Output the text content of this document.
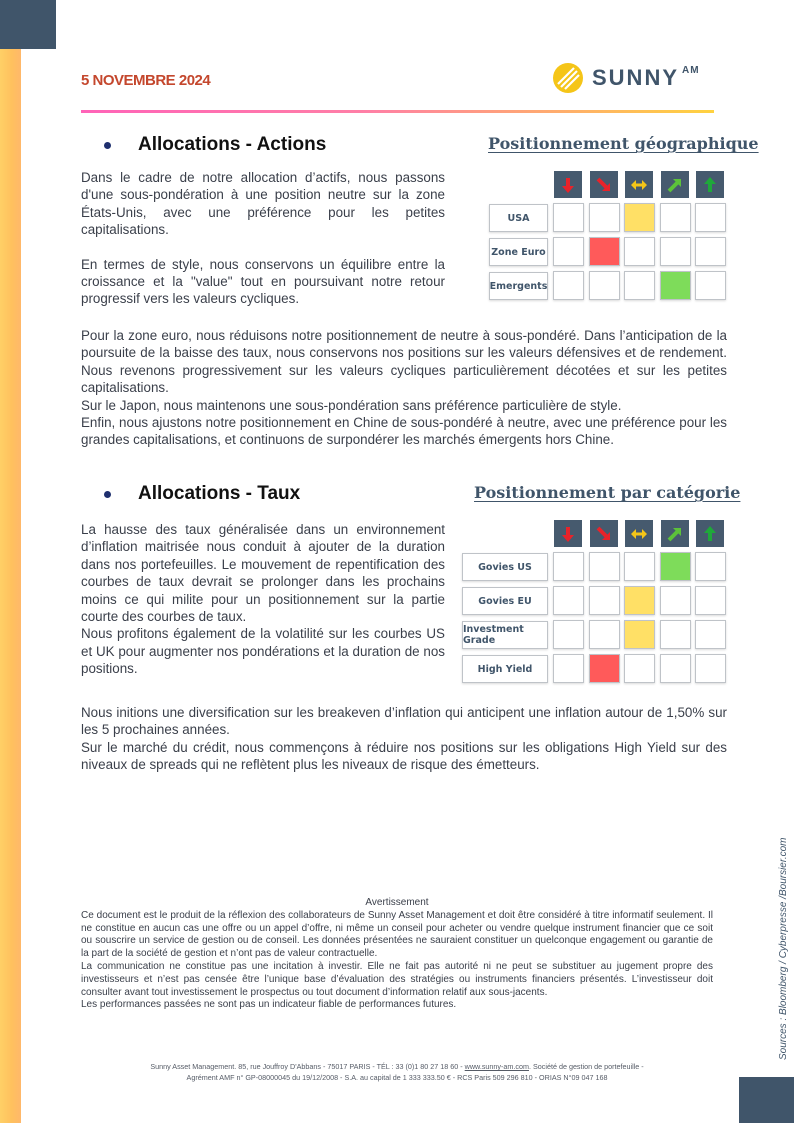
5 NOVEMBRE 2024	SUNNY AM
Allocations - Actions

Dans le cadre de notre allocation d’actifs, nous passons d'une sous-pondération à une position neutre sur la zone États-Unis, avec une préférence pour les petites capitalisations.

En termes de style, nous conservons un équilibre entre la croissance et la "value" tout en poursuivant notre retour progressif vers les valeurs cycliques.

Positionnement géographique
USA
Zone Euro
Emergents

Pour la zone euro, nous réduisons notre positionnement de neutre à sous-pondéré. Dans l’anticipation de la poursuite de la baisse des taux, nous conservons nos positions sur les valeurs défensives et de rendement. Nous revenons progressivement sur les valeurs cycliques particulièrement décotées et sur les petites capitalisations.

Sur le Japon, nous maintenons une sous-pondération sans préférence particulière de style.

Enfin, nous ajustons notre positionnement en Chine de sous-pondéré à neutre, avec une préférence pour les grandes capitalisations, et continuons de surpondérer les marchés émergents hors Chine.

Allocations - Taux

La hausse des taux généralisée dans un environnement d’inflation maitrisée nous conduit à ajouter de la duration dans nos portefeuilles. Le mouvement de repentification des courbes de taux devrait se prolonger dans les prochains moins ce qui milite pour un positionnement sur la partie courte des courbes de taux.

Nous profitons également de la volatilité sur les courbes US et UK pour augmenter nos pondérations et la duration de nos positions.

Positionnement par catégorie
Govies US
Govies EU
Investment Grade
High Yield

Nous initions une diversification sur les breakeven d’inflation qui anticipent une inflation autour de 1,50% sur les 5 prochaines années.

Sur le marché du crédit, nous commençons à réduire nos positions sur les obligations High Yield sur des niveaux de spreads qui ne reflètent plus les niveaux de risque des émetteurs.

Avertissement

Ce document est le produit de la réflexion des collaborateurs de Sunny Asset Management et doit être considéré à titre informatif seulement. Il ne constitue en aucun cas une offre ou un appel d’offre, ni même un conseil pour acheter ou vendre quelque instrument financier que ce soit ou souscrire un service de gestion ou de conseil. Les données présentées ne sauraient constituer un quelconque engagement ou garantie de la part de la société de gestion et n’ont pas de valeur contractuelle.

La communication ne constitue pas une incitation à investir. Elle ne fait pas autorité ni ne peut se substituer au jugement propre des investisseurs et n’est pas censée être l’unique base d’évaluation des stratégies ou instruments financiers présentés. L’investisseur doit consulter avant tout investissement le prospectus ou tout document d’information relatif aux sous-jacents.

Les performances passées ne sont pas un indicateur fiable de performances futures.

Sunny Asset Management. 85, rue Jouffroy D'Abbans - 75017 PARIS - TÉL : 33 (0)1 80 27 18 60 - www.sunny-am.com. Société de gestion de portefeuille -
Agrément AMF n° GP-08000045 du 19/12/2008 - S.A. au capital de 1 333 333.50 € - RCS Paris 509 296 810 - ORIAS N°09 047 168
Sources : Bloomberg / Cyberpresse /Boursier.com
